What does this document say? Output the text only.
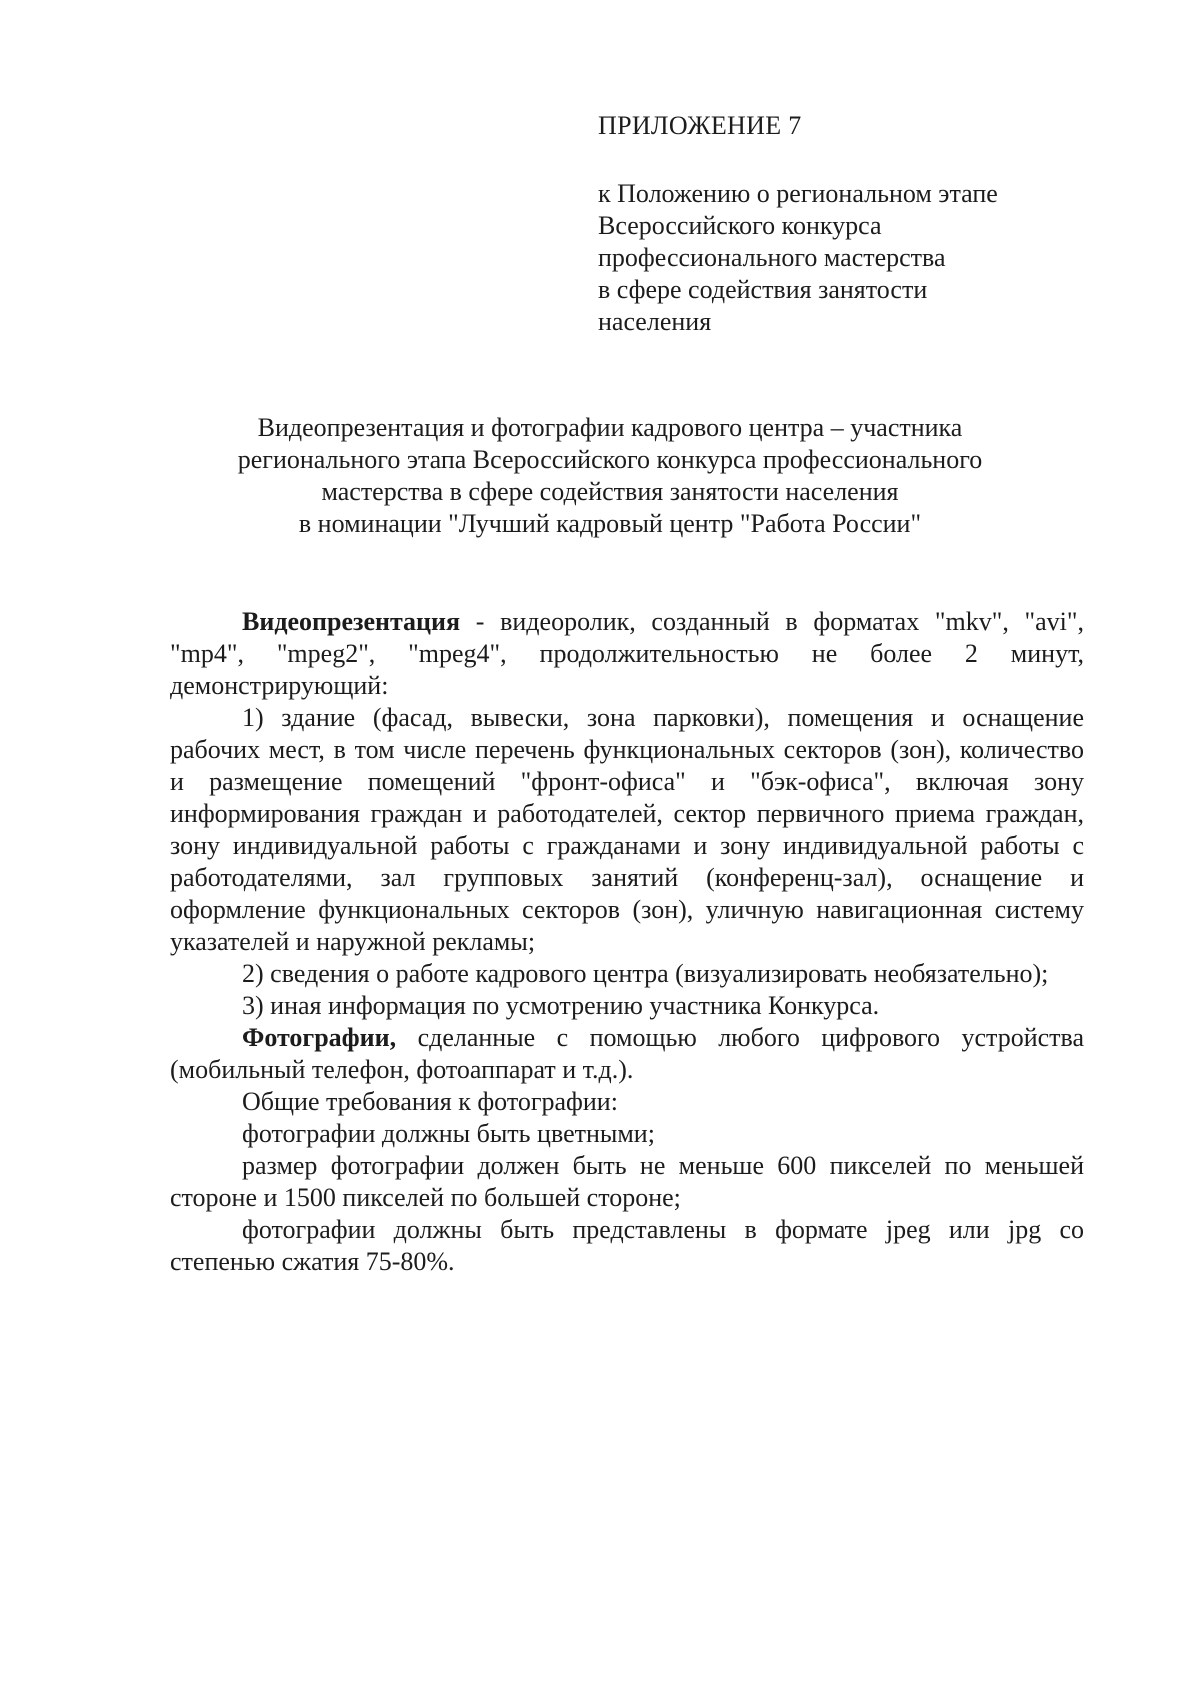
ПРИЛОЖЕНИЕ 7
к Положению о региональном этапе
Всероссийского конкурса
профессионального мастерства
в сфере содействия занятости
населения
Видеопрезентация и фотографии кадрового центра – участника
регионального этапа Всероссийского конкурса профессионального
мастерства в сфере содействия занятости населения
в номинации "Лучший кадровый центр "Работа России"

Видеопрезентация - видеоролик, созданный в форматах "mkv", "avi", "mp4", "mpeg2", "mpeg4", продолжительностью не более 2 минут, демонстрирующий:

1) здание (фасад, вывески, зона парковки), помещения и оснащение рабочих мест, в том числе перечень функциональных секторов (зон), количество и размещение помещений "фронт-офиса" и "бэк-офиса", включая зону информирования граждан и работодателей, сектор первичного приема граждан, зону индивидуальной работы с гражданами и зону индивидуальной работы с работодателями, зал групповых занятий (конференц-зал), оснащение и оформление функциональных секторов (зон), уличную навигационная систему указателей и наружной рекламы;

2) сведения о работе кадрового центра (визуализировать необязательно);

3) иная информация по усмотрению участника Конкурса.

Фотографии, сделанные с помощью любого цифрового устройства (мобильный телефон, фотоаппарат и т.д.).

Общие требования к фотографии:

фотографии должны быть цветными;

размер фотографии должен быть не меньше 600 пикселей по меньшей стороне и 1500 пикселей по большей стороне;

фотографии должны быть представлены в формате jpeg или jpg со степенью сжатия 75-80%.
